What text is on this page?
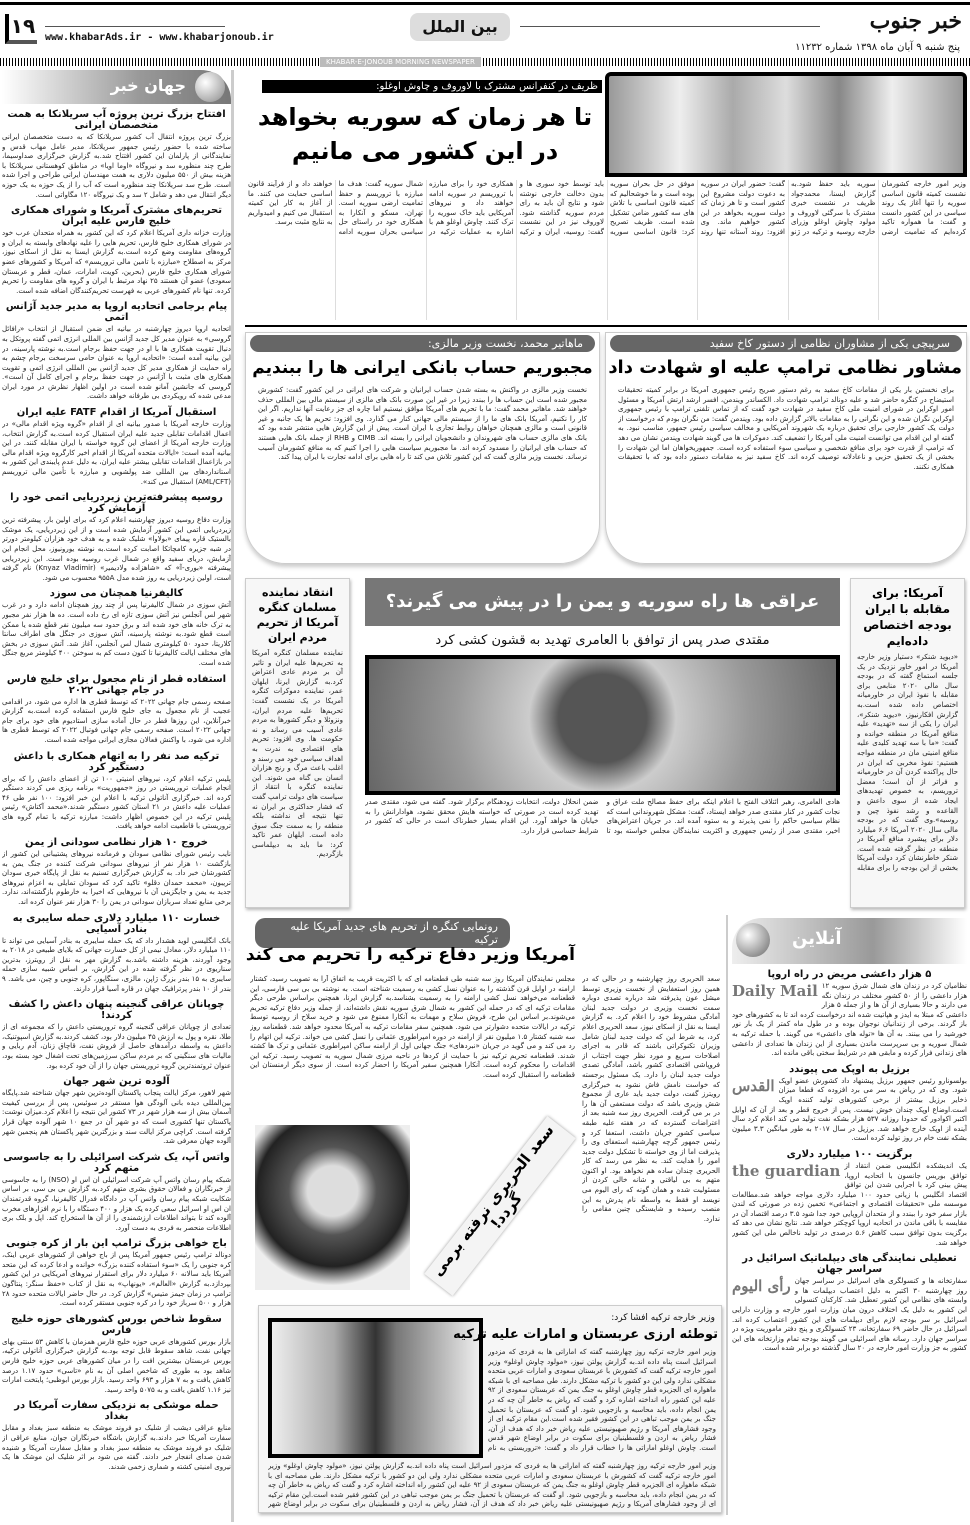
۱۹ www.khabarAds.ir - www.khabarjonoub.ir
بین الملل	خبر جنوب
پنج شنبه ۹ آبان ماه ۱۳۹۸ شماره ۱۱۲۳۲
KHABAR-E-JONOUB MORNING NEWSPAPER
جهان خبر
افتتاح بزرگ ترین پروژه آب سریلانکا به همت متخصصان ایرانی

بزرگ ترین پروژه انتقال آب کشور سریلانکا که به دست متخصصان ایرانی ساخته شده با حضور رئیس جمهور سریلانکا، مدیر عامل مهاب قدس و نمایندگانی از پارلمان این کشور افتتاح شد.به گزارش خبرگزاری صداوسیما، طرح چند منظوره سد و نیروگاه «اوما اویا» در مناطق کوهستانی سریلانکا با هزینه بیش از ۵۵۰ میلیون دلاری به همت مهندسان ایرانی طراحی و اجرا شده است. طرح سد سریلانکا چند منظوره است که آب را از یک حوزه به یک حوزه دیگر انتقال می دهد و شامل ۲ سد و یک نیروگاه ۱۲۰ مگاواتی است.

تحریم‌های مشترک آمریکا و شورای همکاری خلیج فارس علیه ایران

وزارت خزانه داری آمریکا اعلام کرد که این کشور به همراه متحدان عرب خود در شورای همکاری خلیج فارس، تحریم هایی را علیه نهادهای وابسته به ایران و گروه‌های مقاومت وضع کرده است.به گزارش ایسنا به نقل از اسکای نیوز، مرکز به اصطلاح «مبارزه با تامین مالی تروریسم» که آمریکا و کشورهای عضو شورای همکاری خلیج فارس (بحرین، کویت، امارات، عمان، قطر و عربستان سعودی) عضو آن هستند ۲۵ نهاد مرتبط با ایران و گروه های مقاومت را تحریم کرده. تنها نام کشورهای عربی به فهرست تحریم‌کنندگان اضافه شده است.

پیام برجامی اتحادیه اروپا به مدیر جدید آژانس اتمی

اتحادیه اروپا دیروز چهارشنبه در بیانیه ای ضمن استقبال از انتخاب «رافائل گروسی» به عنوان مدیر کل جدید آژانس بین المللی انرژی اتمی گفته پروتکل به دنبال تقویت همکاری ها با او در جهت حفظ برجام است.به نوشته پارسینه، در این بیانیه آمده است: «اتحادیه اروپا به عنوان حامی سرسخت برجام چشم به راه حمایت از همکاری مدیر کل جدید آژانس بین المللی انرژی اتمی و تقویت همکاری های مثبت با آژانس در جهت حفظ برجام و اجرای کامل آن است». گروسی که جانشین آمانو شده است در اولین اظهار نظرش در مورد ایران مدعی شده که رویکردی بی طرفانه خواهد داشت.

استقبال آمریکا از اقدام FATF علیه ایران

وزارت خارجه آمریکا با صدور بیانیه ای از اقدام «گروه ویژه اقدام مالی» در اعمال اقدامات تقابلی جدید علیه ایران استقبال کرده است.به گزارش انتخاب، وزارت خارجه آمریکا از اعضای این گروه خواسته با ایران مقابله کنند. در این بیانیه آمده است: «ایالات متحده آمریکا از اقدام اخیر کارگروه ویژه اقدام مالی در بازاعمال اقدامات تقابلی بیشتر علیه ایران، به دلیل عدم پایبندی این کشور به استانداردهای بین المللی ضد پولشویی و مبارزه با تأمین مالی تروریسم (AML/CFT) استقبال می کند».

روسیه پیشرفته‌ترین زیردریایی اتمی خود را آزمایش کرد

وزارت دفاع روسیه دیروز چهارشنبه اعلام کرد که برای اولین بار، پیشرفته ترین زیردریایی اتمی این کشور آزمایش شده است و از این زیردریایی، یک موشک بالستیک قاره پیمای «بولاوا» شلیک شده و به هدف خود هزاران کیلومتر دورتر در شبه جزیره کامچاتکا اصابت کرده است.به نوشته یورونیوز، محل انجام این آزمایش، دریای سفید واقع در شمال غرب روسیه بوده است. این زیردریایی پیشرفته «بوری-آ» که «شاهزاده ولادیمیر» (Knyaz Vladimir) نام گرفته است، اولین زیردریایی به روز شده مدل ۹۵۵A محسوب می شود.

کالیفرنیا همچنان می سوزد

آتش سوزی در شمال کالیفرنیا پس از چند روز همچنان ادامه دارد و در غرب شهر لس آنجلس نیز آتش سوزی تازه ای رخ داده است. ده ها هزار نفر مجبور به ترک خانه های خود شده اند و برق حدود سه میلیون نفر قطع شده یا ممکن است قطع شود.به نوشته پارسینه، آتش سوزی در جنگل های اطراف سانتا کلاریتا، حدود ۵۰ کیلومتری شمال لس آنجلس، آغاز شد. آتش سوزی در بخش های مختلف ایالت کالیفرنیا تا کنون دست کم به سوختن ۴۰۰ کیلومتر مربع جنگل شده است.

استفاده قطر از نام مجعول برای خلیج فارس در جام جهانی ۲۰۲۲

صفحه رسمی جام جهانی ۲۰۲۲ که توسط قطری ها اداره می شود، در اقدامی عجیب از نام مجعول به جای خلیج فارس استفاده کرده است.به گزارش خبرآنلاین، این روزها قطر در حال آماده سازی استادیوم های خود برای جام جهانی ۲۰۲۲ است. صفحه رسمی جام جهانی فوتبال ۲۰۲۲ که توسط قطری ها اداره می شود، با واکنش فعالان مجازی ایرانی مواجه شده است.

ترکیه صد نفر را به اتهام همکاری با داعش دستگیر کرد

پلیس ترکیه اعلام کرد، نیروهای امنیتی ۱۰۰ تن از اعضای داعش را که برای انجام عملیات تروریستی در روز «جمهوریت» برنامه ریزی می کردند دستگیر کرده اند. خبرگزاری آناتولی ترکیه با اعلام این خبر افزود: ۱۰۰ نفر طی ۴۶ عملیات علیه داعش در ۲۱ استان کشور دستگیر شدند.«محمد آکتاش» رئیس پلیس ترکیه در این خصوص اظهار داشت: مبارزه ترکیه با تمام گروه های تروریستی با قاطعیت ادامه خواهد یافت.

خروج ۱۰ هزار نظامی سودانی از یمن

نایب رئیس شورای نظامی سودان و فرمانده نیروهای پشتیبانی این کشور از بازگشت ۱۰ هزار نفر از نیروهای سودانی شرکت کننده در جنگ یمن به کشورشان خبر داد. به گزارش خبرگزاری تسنیم به نقل از پایگاه خبری سودان تریبون، «محمد حمدان دقلو» تاکید کرد که سودان تمایلی به اعزام نیروهای جدید به یمن و جایگزینی آن با نیروهایی که اخیرا به خارطوم بازگشته‌اند، ندارد. برخی منابع تعداد سربازان سودانی در یمن را ۳۰ هزار نفر عنوان کرده اند.

خسارت ۱۱۰ میلیارد دلاری حمله سایبری به بنادر آسیایی

بانک انگلیسی لوید هشدار داد که یک حمله سایبری به بنادر آسیایی می تواند تا ۱۱۰ میلیارد دلار، معادل نیمی از کل خسارت جهانی که بلایای طبیعی در ۲۰۱۸ به وجود آوردند، هزینه داشته باشد.به گزارش مهر به نقل از رویترز، بدترین سناریوی در نظر گرفته شده در این گزارش، بر اساس شبیه سازی حمله سایبری به ۱۵ بندر بزرگ ژاپن، مالزی، سنگاپور، کره جنوبی و چین، می باشد. ۹ بندر از ۱۰ بندر پرترافیک جهان در قاره آسیا قرار دارند.

چوپانان عراقی گنجینه پنهان داعش را کشف کردند!

تعدادی از چوپانان عراقی گنجینه گروه تروریستی داعش را که مجموعه ای از طلا، نقره و پول به ارزش ۴۵ میلیون دلار بود، کشف کردند.به گزارش اسپوتنیک، داعش به واسطه درآمدهای حاصل از فروش نفت، قاچاق زنان، آدم ربایی و مالیات های سنگینی که بر مردم ساکن سرزمین‌های تحت اشغال خود بسته بود، عنوان ثروتمندترین گروه تروریستی جهان را از آن خود کرده بود.

آلوده ترین شهر جهان

شهر لاهور، مرکز ایالت پنجاب پاکستان آلوده‌ترین شهر جهان شناخته شد.پایگاه بین‌المللی دیده بانی آلودگی هوا مستقر در سوئیس، پس از بررسی کیفیت آسمان بیش از سه هزار شهر در ۷۳ کشور این نتیجه را اعلام کرد.میزان نوشت: پاکستان تنها کشوری است که دو شهر آن در جمع ۱۰ شهر آلوده جهان قرار گرفته است. کراچی مرکز ایالت سند و بزرگترین شهر پاکستان هم پنجمین شهر آلوده جهان معرفی شد.

واتس آپ، یک شرکت اسرائیلی را به جاسوسی متهم کرد

شبکه پیام رسان واتس آپ شرکت اسرائیلی ان اس او (NSO) را به جاسوسی از خبرنگاران و فعالان حقوق بشری متهم کرد.به گزارش بی بی سی، بر اساس شکایت شبکه پیام رسان واتس آپ در دادگاه فدرال کالیفرنیا، گروه قدرتمندان ان اس او اسرائیل سعی کرده یک هزار و ۴۰۰ دستگاه را با نرم افزارهای مخرب آلوده کند تا بتواند اطلاعات ارزشمندی را از آن ها استخراج کند. اپل و بلک بری اطلاعات منحصر به فردی به دست آورد.

باج خواهی بزرگ ترامپ این بار از کره جنوبی

دونالد ترامپ رئیس جمهور آمریکا پس از باج خواهی از کشورهای عربی اینک، کره جنوبی را یک «سوء استفاده کننده بزرگ» خوانده و ادعا کرده که این متحد آمریکا باید سالانه ۶۰ میلیارد دلار برای استقرار نیروهای آمریکایی در این کشور بپردازد.به گزارش «العالم»، «یونهاپ» به نقل از کتاب «حفظ سنگر: پنتاگون ترامپ در زمان جیمز متیس» گزارش کرد. در حال حاضر ایالات متحده حدود ۲۸ هزار و ۵۰۰ سرباز خود را در کره جنوبی مستقر کرده است.

سقوط شاخص بورس کشورهای حوزه خلیج فارس

بازار بورس کشورهای عربی حوزه خلیج فارس همزمان با کاهش ۵۳ سنتی بهای جهانی نفت، شاهد سقوط قابل توجه بود.به گزارش خبرگزاری آناتولی ترکیه، بورس عربستان بیشترین افت را در میان کشورهای عربی حوزه خلیج فارس شاهد بود به طوری که شاخص اصلی آن به نام «تاسی» حدود ۱.۱۷ درصد کاهش یافت و به ۷ هزار و ۶۹۳ واحد رسید. بازار بورس ابوظبی؛ پایتخت امارات نیز ۱.۱۶ کاهش یافت و به ۵۰۷۵ واحد رسید.

حمله موشکی به نزدیکی سفارت آمریکا در بغداد

منابع عراقی دیشب از شلیک دو فروند موشک به منطقه سبز بغداد و مقابل سفارت آمریکا خبر دادند.به گزارش باشگاه خبرنگاران جوان، منابع عراقی از شلیک دو فروند موشک به منطقه سبز بغداد و مقابل سفارت آمریکا و شنیده شدن صدای انفجار خبر دادند. گفته می شود بر اثر شلیک این موشک ها یک نیروی امنیتی کشته و شماری زخمی شدند.

ظریف در کنفرانس مشترک با لاوروف و چاوش اوغلو:
تا هر زمان که سوریه بخواهد در این کشور می مانیم
وزیر امور خارجه کشورمان نشست کمیته قانون اساسی سوریه را تنها آغاز یک روند سیاسی در این کشور دانست و گفت: ما همواره تاکید کرده‌ایم که تمامیت ارضی سوریه باید حفظ شود.به گزارش ایسنا، محمدجواد ظریف در نشست خبری مشترک با سرگئی لاوروف و مولود چاوش اوغلو وزرای خارجه روسیه و ترکیه در ژنو گفت: حضور ایران در سوریه به دعوت دولت مشروع این کشور است و تا هر زمان که دولت سوریه بخواهد در این کشور خواهیم ماند. وی افزود: روند آستانه تنها روند موفق در حل بحران سوریه بوده است و ما خوشحالیم که کمیته قانون اساسی با تلاش های سه کشور ضامن تشکیل شده است. ظریف تصریح کرد: قانون اساسی سوریه باید توسط خود سوری ها و بدون دخالت خارجی نوشته شود و نتایج آن باید به رای مردم سوریه گذاشته شود. لاوروف نیز در این نشست گفت: روسیه، ایران و ترکیه همکاری خود را برای مبارزه با تروریسم در سوریه ادامه خواهند داد و نیروهای آمریکایی باید خاک سوریه را ترک کنند. چاوش اوغلو هم با اشاره به عملیات ترکیه در شمال سوریه گفت: هدف ما مبارزه با تروریسم و حفظ تمامیت ارضی سوریه است. تهران، مسکو و آنکارا به همکاری خود در راستای حل سیاسی بحران سوریه ادامه خواهند داد و از فرآیند قانون اساسی حمایت می کنند. ما از آغاز به کار این کمیته استقبال می کنیم و امیدواریم به نتایج مثبت برسد.
سرپیچی یکی از مشاوران نظامی از دستور کاخ سفید
مشاور نظامی ترامپ علیه او شهادت داد
برای نخستین بار یکی از مقامات کاخ سفید به رغم دستور صریح رئیس جمهوری آمریکا در برابر کمیته تحقیقات استیضاح در کنگره حاضر شد و علیه دونالد ترامپ شهادت داد. الکساندر ویندمن، افسر ارشد ارتش آمریکا و مسئول امور اوکراین در شورای امنیت ملی کاخ سفید در شهادت خود گفت که از تماس تلفنی ترامپ با رئیس جمهوری اوکراین نگران شده و این نگرانی را به مقامات بالاتر گزارش داده بود. ویندمن گفت: من نگران بودم که درخواست از دولت یک کشور خارجی برای تحقیق درباره یک شهروند آمریکایی و مخالف سیاسی رئیس جمهور، مناسب نبود. به گفته او این اقدام می توانست امنیت ملی آمریکا را تضعیف کند. دموکرات ها می گویند شهادت ویندمن نشان می دهد که ترامپ از قدرت خود برای منافع شخصی و سیاسی سوء استفاده کرده است. جمهوریخواهان اما این شهادت را بخشی از یک تحقیق حزبی و ناعادلانه توصیف کرده اند. کاخ سفید نیز به مقامات دستور داده بود که با تحقیقات همکاری نکنند.
ماهاتیر محمد، نخست وزیر مالزی:
مجبوریم حساب بانکی ایرانی ها را ببندیم
نخست وزیر مالزی در واکنش به بسته شدن حساب ایرانیان و شرکت های ایرانی در این کشور گفت: کشورش مجبور شده است این حساب ها را ببندد زیرا در غیر این صورت بانک های مالزی از سیستم مالی بین المللی حذف خواهند شد. ماهاتیر محمد گفت: ما با تحریم های آمریکا موافق نیستیم اما چاره ای جز رعایت آنها نداریم. اگر این کار را نکنیم، آمریکا بانک های ما را از سیستم مالی جهانی کنار می گذارد. وی افزود: تحریم ها یک جانبه و غیر قانونی است و مالزی همچنان خواهان روابط تجاری با ایران است. پیش از این گزارش هایی منتشر شده بود که بانک های مالزی حساب های شهروندان و دانشجویان ایرانی را بسته اند. CIMB و RHB از جمله بانک هایی هستند که حساب های ایرانیان را مسدود کرده اند. ما مجبوریم سیاست هایی را اجرا کنیم که به منافع کشورمان آسیب نرساند. نخست وزیر مالزی گفت که این کشور تلاش می کند تا راه هایی برای ادامه تجارت با ایران پیدا کند.
آمریکا: برای مقابله با ایران بودجه اختصاص داده‌ایم
«دیوید شنکر» دستیار وزیر خارجه آمریکا در امور خاور نزدیک در یک جلسه استماع گفته که در بودجه سال مالی ۲۰۲۰ منابعی برای مقابله با نفوذ ایران در خاورمیانه اختصاص داده شده است.به گزارش افکارنیوز، «دیوید شنکر»، ایران را یکی از سه «تهدید» علیه منافع آمریکا در منطقه خوانده و گفت: «ما با سه تهدید کلیدی علیه منافع امنیتی مان در منطقه مواجه هستیم: نفوذ مخربی که ایران در حال پراکنده کردن آن در خاورمیانه و فراتر از آن است؛ معضل تروریسم، به خصوص تهدیدهای ایجاد شده از سوی داعش و القاعده و رشد نفوذ چین و روسیه».وی گفت که در بودجه مالی سال ۲۰۲۰ آمریکا ۶.۶ میلیارد دلار برای پیشبرد منافع آمریکا در منطقه در نظر گرفته شده است. شنکر خاطرنشان کرد دولت آمریکا بخشی از این بودجه را برای مقابله
انتقاد نماینده مسلمان کنگره آمریکا از تحریم مردم ایران
نماینده مسلمان کنگره آمریکا به تحریم‌ها علیه ایران و تاثیر آن بر مردم عادی اعتراض کرد.به گزارش ایرنا، ایلهان عمر، نماینده دموکرات کنگره آمریکا در یک نشست گفت: تحریم‌ها علیه مردم ایران، ونزوئلا و دیگر کشورها به مردم عادی آسیب می رساند و نه حکومت ها. وی افزود: تحریم های اقتصادی به ندرت به اهداف سیاسی خود می رسند و اغلب باعث مرگ و رنج هزاران انسان بی گناه می شوند. این نماینده کنگره با انتقاد از سیاست های دولت ترامپ گفت که فشار حداکثری بر ایران نه تنها نتیجه ای نداشته بلکه منطقه را به سمت جنگ سوق داده است. ایلهان عمر تاکید کرد: ما باید به دیپلماسی بازگردیم.
عراقی ها راه سوریه و یمن را در پیش می گیرند؟
مقتدی صدر پس از توافق با العامری تهدید به قشون کشی کرد
هادی العامری، رهبر ائتلاف الفتح با اعلام اینکه برای حفظ مصالح ملت عراق و نجات کشور در کنار مقتدی صدر خواهد ایستاد، گفت: مشکل شهروندانی است که نظام سیاسی حاکم را نمی پذیرند و به ستوه آمده اند. در جریان اعتراض‌های اخیر، مقتدی صدر از رئیس جمهوری و اکثریت نمایندگان مجلس خواسته بود تا ضمن انحلال دولت، انتخابات زودهنگام برگزار شود. گفته می شود، مقتدی صدر تهدید کرده است در صورتی که خواسته هایش محقق نشود، هوادارانش را به خیابان ها خواهد آورد. این اقدام بسیار خطرناک است در حالی که کشور در شرایط حساسی قرار دارد.
رونمایی کنگره از تحریم های جدید آمریکا علیه ترکیه
آمریکا وزیر دفاع ترکیه را تحریم می کند
مجلس نمایندگان آمریکا روز سه شنبه طی قطعنامه ای که با اکثریت قریب به اتفاق آرا به تصویب رسید، کشتار ارامنه در اوایل قرن گذشته را به عنوان نسل کشی به رسمیت شناخته است. به نوشته بی بی سی فارسی، این قطعنامه می‌خواهد نسل کشی ارامنه را به رسمیت بشناسد.به گزارش ایرنا، همچنین براساس طرحی دیگر مقامات ترکیه ای که در حمله این کشور به شمال شرق سوریه نقش داشته‌اند، از جمله وزیر دفاع ترکیه تحریم می‌شوند.بر اساس این طرح، فروش سلاح و مهمات به آنکارا ممنوع می شود و خرید سلاح از روسیه توسط ترکیه در ایالات متحده دشوارتر می شود. همچنین سفر مقامات ترکیه به آمریکا محدود خواهد شد. قطعنامه روز سه شنبه کشتار ۱.۵ میلیون نفر از ارامنه در دوره امپراطوری عثمانی را نسل کشی می خواند. ترکیه این اتهام را رد می کند و می گوید در جریان «نبردهای» جنگ جهانی اول از ارامنه ساکن امپراطوری عثمانی و ترک ها کشته شدند. قطعنامه تحریم ترکیه نیز با حمایت از کردها در ناحیه مرزی شمال سوریه به تصویب رسید. ترکیه این اقدامات را محکوم کرده است. آنکارا همچنین سفیر آمریکا را احضار کرده است. از سوی دیگر ارمنستان این قطعنامه را استقبال کرده است.
سعد الحریری روز چهارشنبه و در حالی که در همین روز استعفایش از نخست وزیری توسط میشل عون پذیرفته شد درباره تصدی دوباره سمت نخست وزیری در دولت جدید لبنان آمادگی مشروط خود را اعلام کرد. به گزارش ایسنا به نقل از اسکای نیوز، سعد الحریری اعلام کرد، به شرط این که دولت جدید لبنان شامل وزیران تکنوکراتی باشند که قادر به اجرای اصلاحات سریع و مورد نظر جهت اجتناب از فروپاشی اقتصادی کشور باشد، آمادگی تصدی دولت جدید لبنان را دارد. یک مسئول برجسته که خواست نامش فاش نشود به خبرگزاری رویترز گفت، دولت جدید باید عاری از مجموع شش وزیری باشد که دولت مستعفی آن ها را در بر می گرفت. الحریری روز سه شنبه بعد از اعتراضات گسترده که در هفته علیه طبقه سیاسی کشور جریان داشت، استعفا کرد و رئیس جمهور گرچه چهارشنبه استعفای وی را پذیرفت اما از وی خواسته تا تشکیل دولت جدید امور را هدایت کند. به نظر می رسد که کار الحریری چندان ساده هم نخواهد بود. او اکنون متهم به بی لیاقتی و شانه خالی کردن از مسئولیت شده و همان گونه که رای الیوم می نویسد او فقط به واسطه نام پدرش به این منصب رسیده و شایستگی چنین مقامی را ندارد.
سعد الحریری نرفته برمی گردد!
وزیر خارجه ترکیه افشا کرد:
توطئه ارزی عربستان و امارات علیه ترکیه
وزیر امور خارجه ترکیه روز چهارشنبه گفته که اماراتی ها به فردی که مزدور اسرائیل است پناه داده اند.به گزارش پولتن نیوز، «مولود چاوش اوغلو» وزیر امور خارجه ترکیه گفت که کشورش با عربستان سعودی و امارات عربی متحده مشکلی ندارد ولی این دو کشور با ترکیه مشکل دارند. طی مصاحبه ای با شبکه ماهواره ای الجزیره قطر چاوش اوغلو به جنگ یمن که عربستان سعودی از ۹۲ علیه این کشور راه انداخته اشاره کرد و گفت که ریاض به خاطر آن چه که در یمن انجام داده، باید محاسبه و بازجویی شود. او گفت که عربستان با تحمیل جنگ بر یمن موجب تباهی در این کشور فقیر شده است.این مقام ترکیه ای از وجود فشارهای آمریکا و رژیم صهیونیستی علیه ریاض خبر داد که هدف از آن، فشار ریاض به اردن و فلسطینیان برای سکوت در برابر اوضاع شهر قدس است. چاوش اوغلو اماراتی ها را خطاب قرار داد و گفت: «تروریستی به نام
وزیر امور خارجه ترکیه روز چهارشنبه گفته که اماراتی ها به فردی که مزدور اسرائیل است پناه داده اند.به گزارش پولتن نیوز، «مولود چاوش اوغلو» وزیر امور خارجه ترکیه گفت که کشورش با عربستان سعودی و امارات عربی متحده مشکلی ندارد ولی این دو کشور با ترکیه مشکل دارند. طی مصاحبه ای با شبکه ماهواره ای الجزیره قطر چاوش اوغلو به جنگ یمن که عربستان سعودی از ۹۲ علیه این کشور راه انداخته اشاره کرد و گفت که ریاض به خاطر آن چه که در یمن انجام داده، باید محاسبه و بازجویی شود. او گفت که عربستان با تحمیل جنگ بر یمن موجب تباهی در این کشور فقیر شده است.این مقام ترکیه ای از وجود فشارهای آمریکا و رژیم صهیونیستی علیه ریاض خبر داد که هدف از آن، فشار ریاض به اردن و فلسطینیان برای سکوت در برابر اوضاع شهر
آنلاین
۵ هزار داعشی مریض در راه اروپا
Daily Mail نظامیان کرد در زندان های شمال شرق سوریه ۱۲ هزار داعشی را از ۵۰ کشور مختلف در زندان نگه می دارند و حالا بسیاری از آن ها و از جمله ۵ هزار داعشی که مبتلا به ایدز و هپاتیت شده اند درخواست کرده اند تا به کشورهای خود باز گردند. برخی از زندانیان نوجوان بوده و در طول ماه کمتر از یک بار نور خورشید را می بینند. به آن ها «توله های داعشی» می گویند. با حمله ترکیه به شمال سوریه و بی سرپرست ماندن بسیاری از این زندان ها تعدادی از داعشی های زندانی فرار کرده و مابقی هم در شرایط سختی باقی مانده اند.

برزیل به اوپک می پیوندد
القدس بولسونارو رئیس جمهور برزیل پیشنهاد داد کشورش عضو اوپک شود. وی که در ریاض به سر می برد افزوده که قطعا میزان ذخایر برزیل بیشتر از برخی کشورهای تولید کننده اوپک است.اوضاع اوپک چندان خوش نیست. پس از خروج قطر و بعد از آن که اوایل اکتبر اکوادور که حدودا روزانه ۵۳۷ هزار بشکه نفت تولید می کند اعلام کرد سال آینده از اوپک خارج خواهد شد. برزیل در سال ۲۰۱۷ به طور میانگین ۳.۳ میلیون بشکه نفت خام در روز تولید کرده است.

برگزیت ۱۰۰ میلیارد دلاری
the guardian یک اندیشکده انگلیسی ضمن انتقاد از توافق بوریس جانسون با اتحادیه اروپا، پیش بینی کرد با اجرایی شدن این توافق اقتصاد انگلیس با زیانی حدود ۱۰۰ میلیارد دلاری مواجه خواهد شد.مطالعات موسسه ملی «تحقیقات اقتصادی و اجتماعی» تخمین زده در صورتی که لندن بازار سفر خود را ببندد و از متحدان اروپایی خود جدا شود ۳.۵ درصد اقتصاد آن در مقایسه با باقی ماندن در اتحادیه اروپا کوچکتر خواهد شد. نتایج نشان می دهد که برگزیت بدون توافق سبب کاهش ۵.۶ درصدی در تولید ناخالص ملی این کشور خواهد شد.

تعطیلی نمایندگی های دیپلماتیک اسرائیل در سراسر جهان
رأی الیوم سفارتخانه ها و کنسولگری های اسرائیل در سراسر جهان روز چهارشنبه ۳۰ اکتبر به دلیل اعتصاب دیپلمات ها و وابسته های نظامی این کشور تعطیل شد. کارکنان کنسولی این کشور به دلیل یک اختلاف درون میان وزارت امور خارجه و وزارت دارایی اسرائیل بر سر بودجه لازم برای دیپلمات های این کشور اعتصاب کرده اند. اسرائیل در حال حاضر ۶۹ سفارتخانه، ۲۳ کنسولگری و پنج دفتر ماموریت ویژه در سراسر جهان دارد. رسانه های اسرائیلی می گویند بودجه تمام وزارتخانه های این کشور به جز وزارت امور خارجه در ۲۰ سال گذشته دو برابر شده است.
